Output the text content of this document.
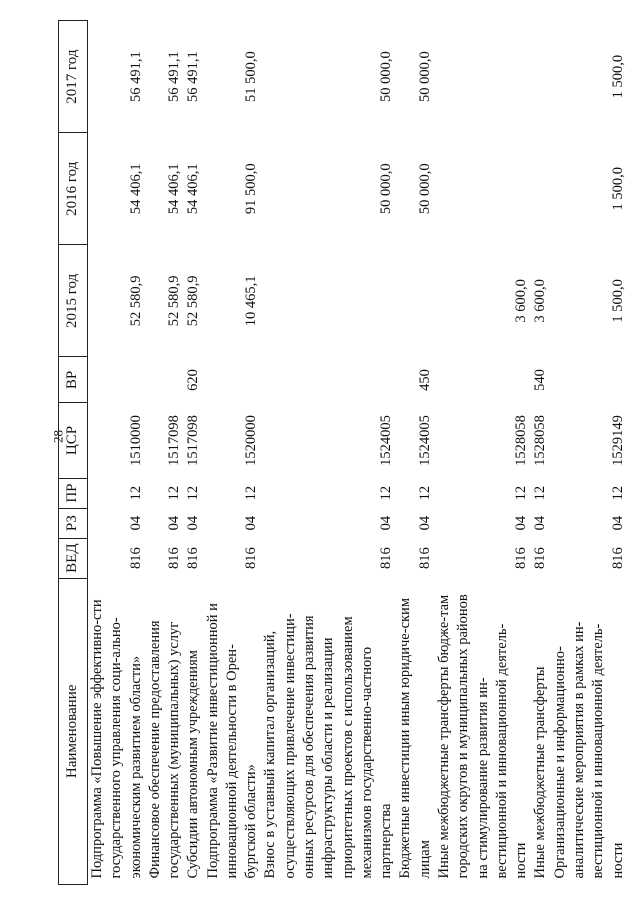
28
Наименование	ВЕД	РЗ	ПР	ЦСР	ВР	2015 год	2016 год	2017 год
Подпрограмма «Повышение эффективно-сти государственного управления соци-ально-экономическим развитием области»	816	04	12	1510000		52 580,9	54 406,1	56 491,1
Финансовое обеспечение предоставления государственных (муниципальных) услуг	816	04	12	1517098		52 580,9	54 406,1	56 491,1
Субсидии автономным учреждениям	816	04	12	1517098	620	52 580,9	54 406,1	56 491,1
Подпрограмма «Развитие инвестиционной и инновационной деятельности в Орен-бургской области»	816	04	12	1520000		10 465,1	91 500,0	51 500,0
Взнос в уставный капитал организаций, осуществляющих привлечение инвестици-онных ресурсов для обеспечения развития инфраструктуры области и реализации приоритетных проектов с использованием механизмов государственно-частного партнерства	816	04	12	1524005			50 000,0	50 000,0
Бюджетные инвестиции иным юридиче-ским лицам	816	04	12	1524005	450		50 000,0	50 000,0
Иные межбюджетные трансферты бюдже-там городских округов и муниципальных районов на стимулирование развития ин-вестиционной и инновационной деятель-ности	816	04	12	1528058		3 600,0		
Иные межбюджетные трансферты	816	04	12	1528058	540	3 600,0		
Организационные и информационно-аналитические мероприятия в рамках ин-вестиционной и инновационной деятель-ности	816	04	12	1529149		1 500,0	1 500,0	1 500,0
